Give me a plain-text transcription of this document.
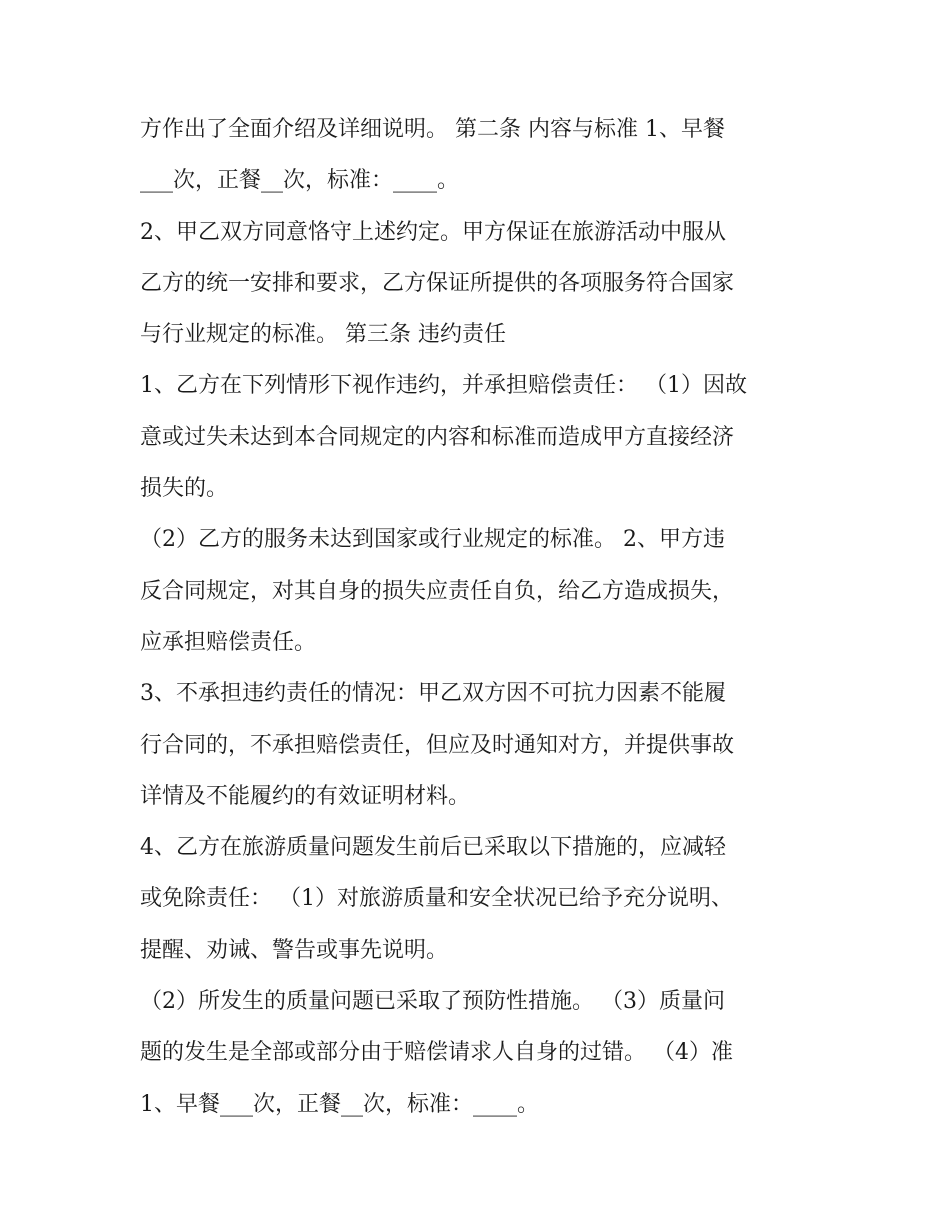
方作出了全面介绍及详细说明。 第二条 内容与标准 1、早餐
___次，正餐__次，标准：____。
2、甲乙双方同意恪守上述约定。甲方保证在旅游活动中服从
乙方的统一安排和要求，乙方保证所提供的各项服务符合国家
与行业规定的标准。 第三条 违约责任
1、乙方在下列情形下视作违约，并承担赔偿责任： （1）因故
意或过失未达到本合同规定的内容和标准而造成甲方直接经济
损失的。
（2）乙方的服务未达到国家或行业规定的标准。 2、甲方违
反合同规定，对其自身的损失应责任自负，给乙方造成损失，
应承担赔偿责任。
3、不承担违约责任的情况：甲乙双方因不可抗力因素不能履
行合同的，不承担赔偿责任，但应及时通知对方，并提供事故
详情及不能履约的有效证明材料。
4、乙方在旅游质量问题发生前后已采取以下措施的，应减轻
或免除责任： （1）对旅游质量和安全状况已给予充分说明、
提醒、劝诫、警告或事先说明。
（2）所发生的质量问题已采取了预防性措施。 （3）质量问
题的发生是全部或部分由于赔偿请求人自身的过错。 （4）准
1、早餐___次，正餐__次，标准：____。
